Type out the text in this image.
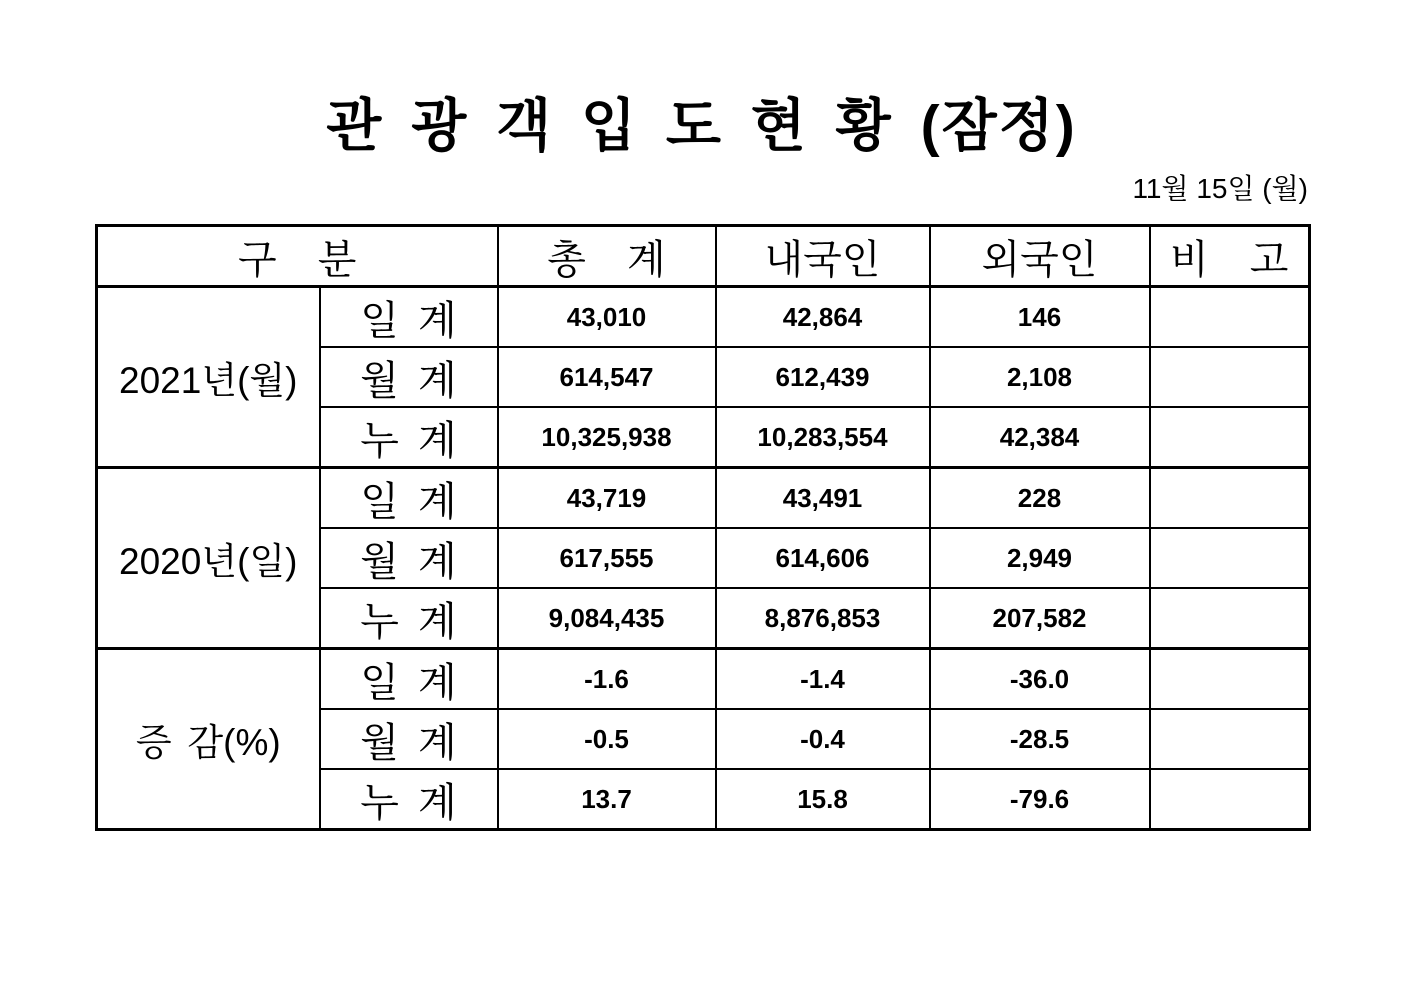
관 광 객 입 도 현 황 (잠정)
11월 15일 (월)
구 분		총 계	내국인	외국인	비 고
2021년(월)	일 계	43,010	42,864	146	
	월 계	614,547	612,439	2,108	
	누 계	10,325,938	10,283,554	42,384	
2020년(일)	일 계	43,719	43,491	228	
	월 계	617,555	614,606	2,949	
	누 계	9,084,435	8,876,853	207,582	
증 감(%)	일 계	-1.6	-1.4	-36.0	
	월 계	-0.5	-0.4	-28.5	
	누 계	13.7	15.8	-79.6	
